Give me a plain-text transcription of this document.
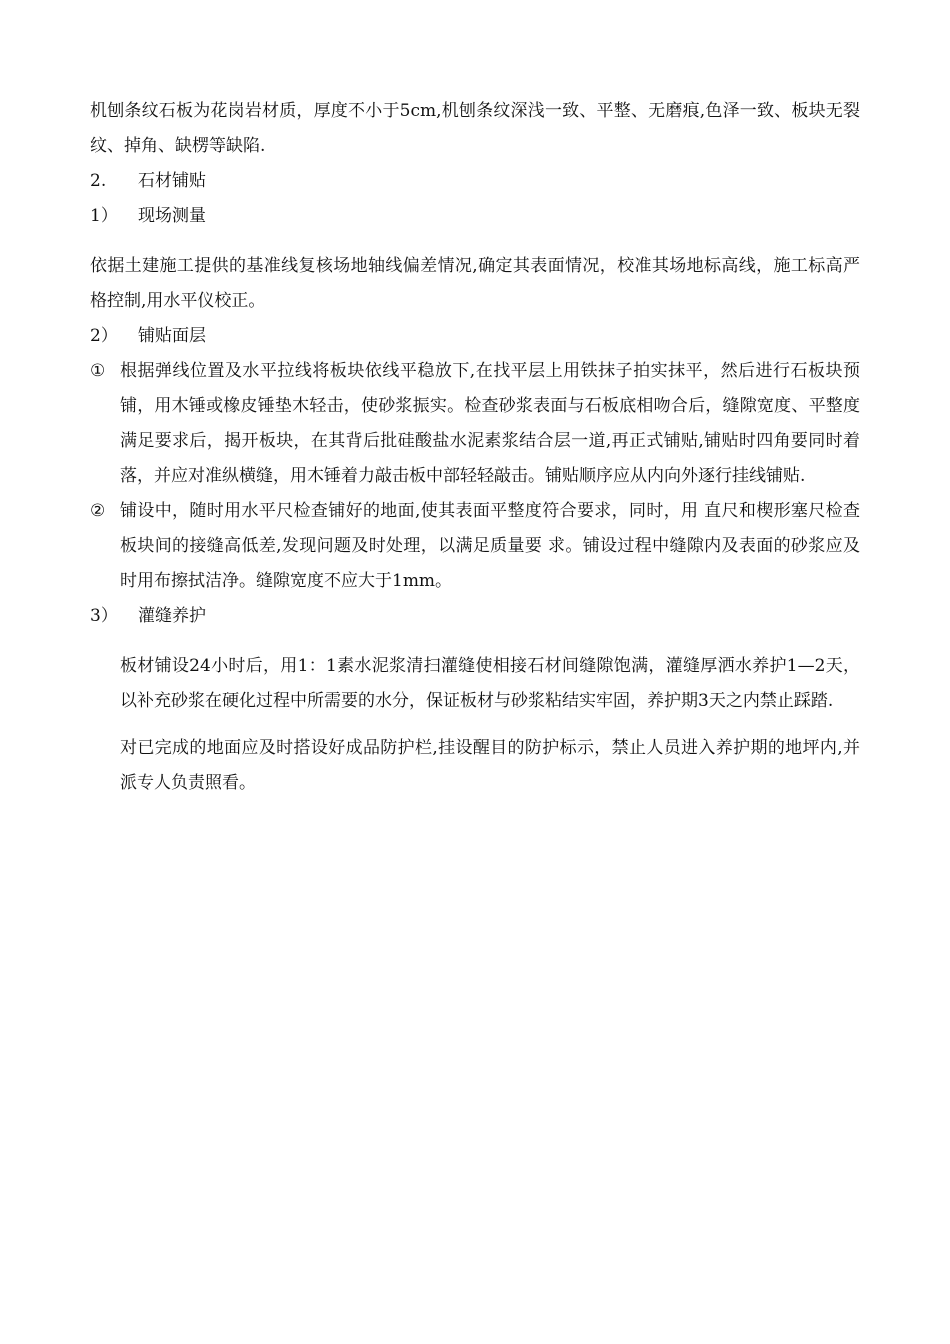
机刨条纹石板为花岗岩材质，厚度不小于5cm,机刨条纹深浅一致、平整、无磨痕,色泽一致、板块无裂纹、掉角、缺楞等缺陷.

2. 石材铺贴

1） 现场测量

依据土建施工提供的基准线复核场地轴线偏差情况,确定其表面情况，校准其场地标高线，施工标高严格控制,用水平仪校正。

2） 铺贴面层

① 根据弹线位置及水平拉线将板块依线平稳放下,在找平层上用铁抹子拍实抹平，然后进行石板块预铺，用木锤或橡皮锤垫木轻击，使砂浆振实。检查砂浆表面与石板底相吻合后，缝隙宽度、平整度满足要求后，揭开板块，在其背后批硅酸盐水泥素浆结合层一道,再正式铺贴,铺贴时四角要同时着落，并应对准纵横缝，用木锤着力敲击板中部轻轻敲击。铺贴顺序应从内向外逐行挂线铺贴.
② 铺设中，随时用水平尺检查铺好的地面,使其表面平整度符合要求，同时，用 直尺和楔形塞尺检查板块间的接缝高低差,发现问题及时处理，以满足质量要 求。铺设过程中缝隙内及表面的砂浆应及时用布擦拭洁净。缝隙宽度不应大于1mm。

3） 灌缝养护

板材铺设24小时后，用1：1素水泥浆清扫灌缝使相接石材间缝隙饱满，灌缝厚洒水养护1—2天，以补充砂浆在硬化过程中所需要的水分，保证板材与砂浆粘结实牢固，养护期3天之内禁止踩踏.

对已完成的地面应及时搭设好成品防护栏,挂设醒目的防护标示，禁止人员进入养护期的地坪内,并派专人负责照看。
